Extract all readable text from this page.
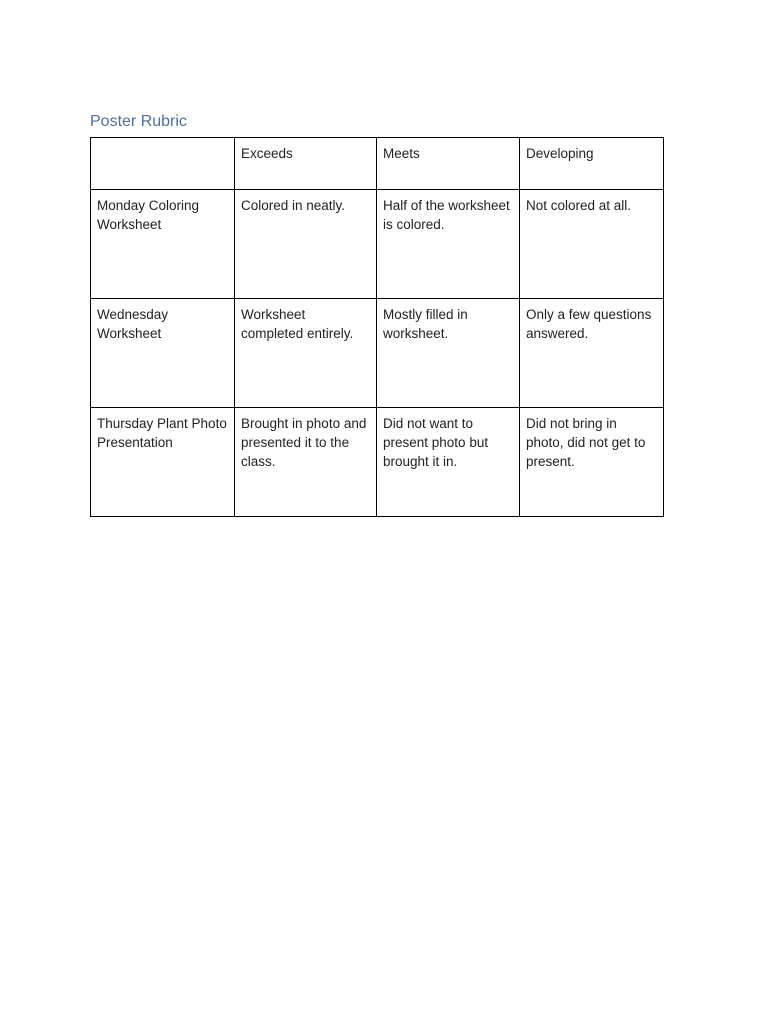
Poster Rubric
	Exceeds	Meets	Developing
Monday Coloring Worksheet	Colored in neatly.	Half of the worksheet is colored.	Not colored at all.
Wednesday Worksheet	Worksheet completed entirely.	Mostly filled in worksheet.	Only a few questions answered.
Thursday Plant Photo Presentation	Brought in photo and presented it to the class.	Did not want to present photo but brought it in.	Did not bring in photo, did not get to present.
